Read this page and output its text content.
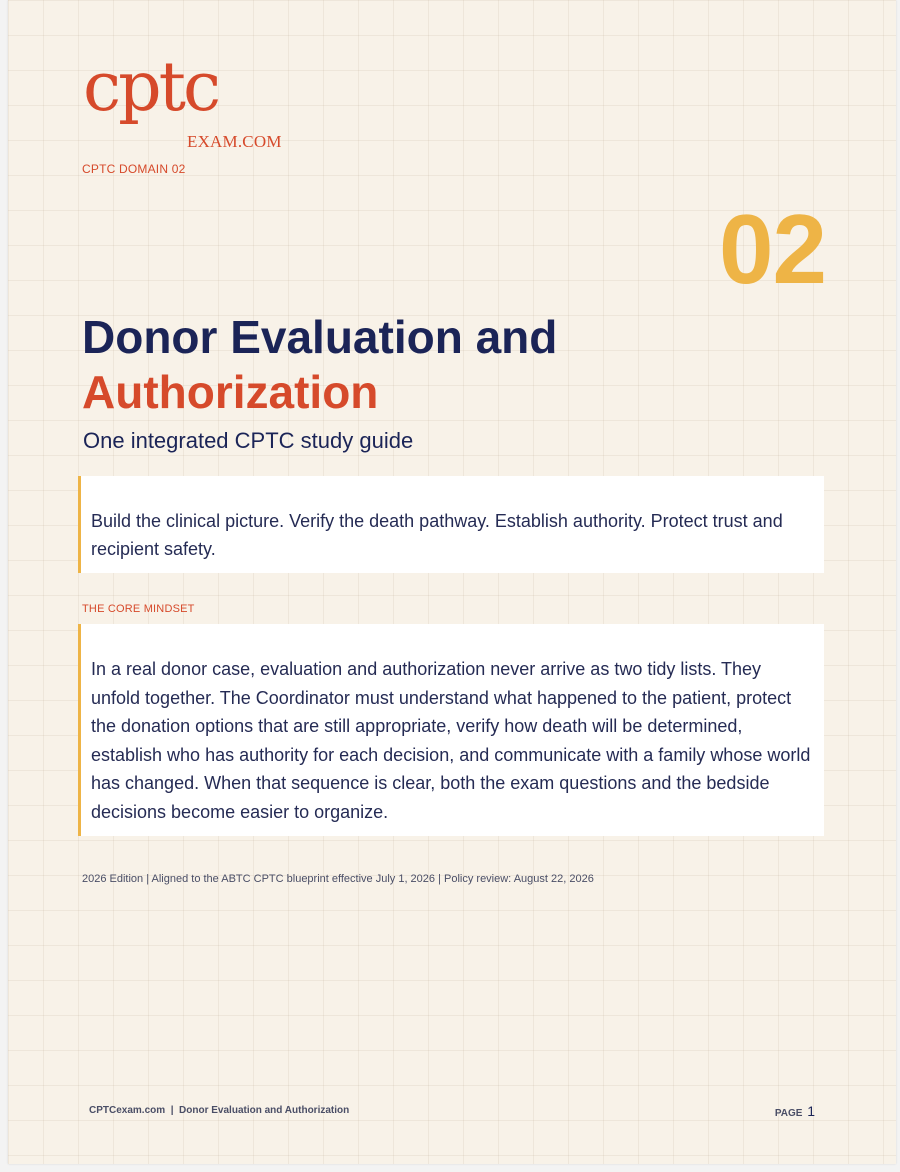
cptc
EXAM.COM
CPTC DOMAIN 02
02
Donor Evaluation and
Authorization
One integrated CPTC study guide
Build the clinical picture. Verify the death pathway. Establish authority. Protect trust and recipient safety.
THE CORE MINDSET
In a real donor case, evaluation and authorization never arrive as two tidy lists. They unfold together. The Coordinator must understand what happened to the patient, protect the donation options that are still appropriate, verify how death will be determined, establish who has authority for each decision, and communicate with a family whose world has changed. When that sequence is clear, both the exam questions and the bedside decisions become easier to organize.
2026 Edition | Aligned to the ABTC CPTC blueprint effective July 1, 2026 | Policy review: August 22, 2026
CPTCexam.com  |  Donor Evaluation and Authorization	PAGE 1
